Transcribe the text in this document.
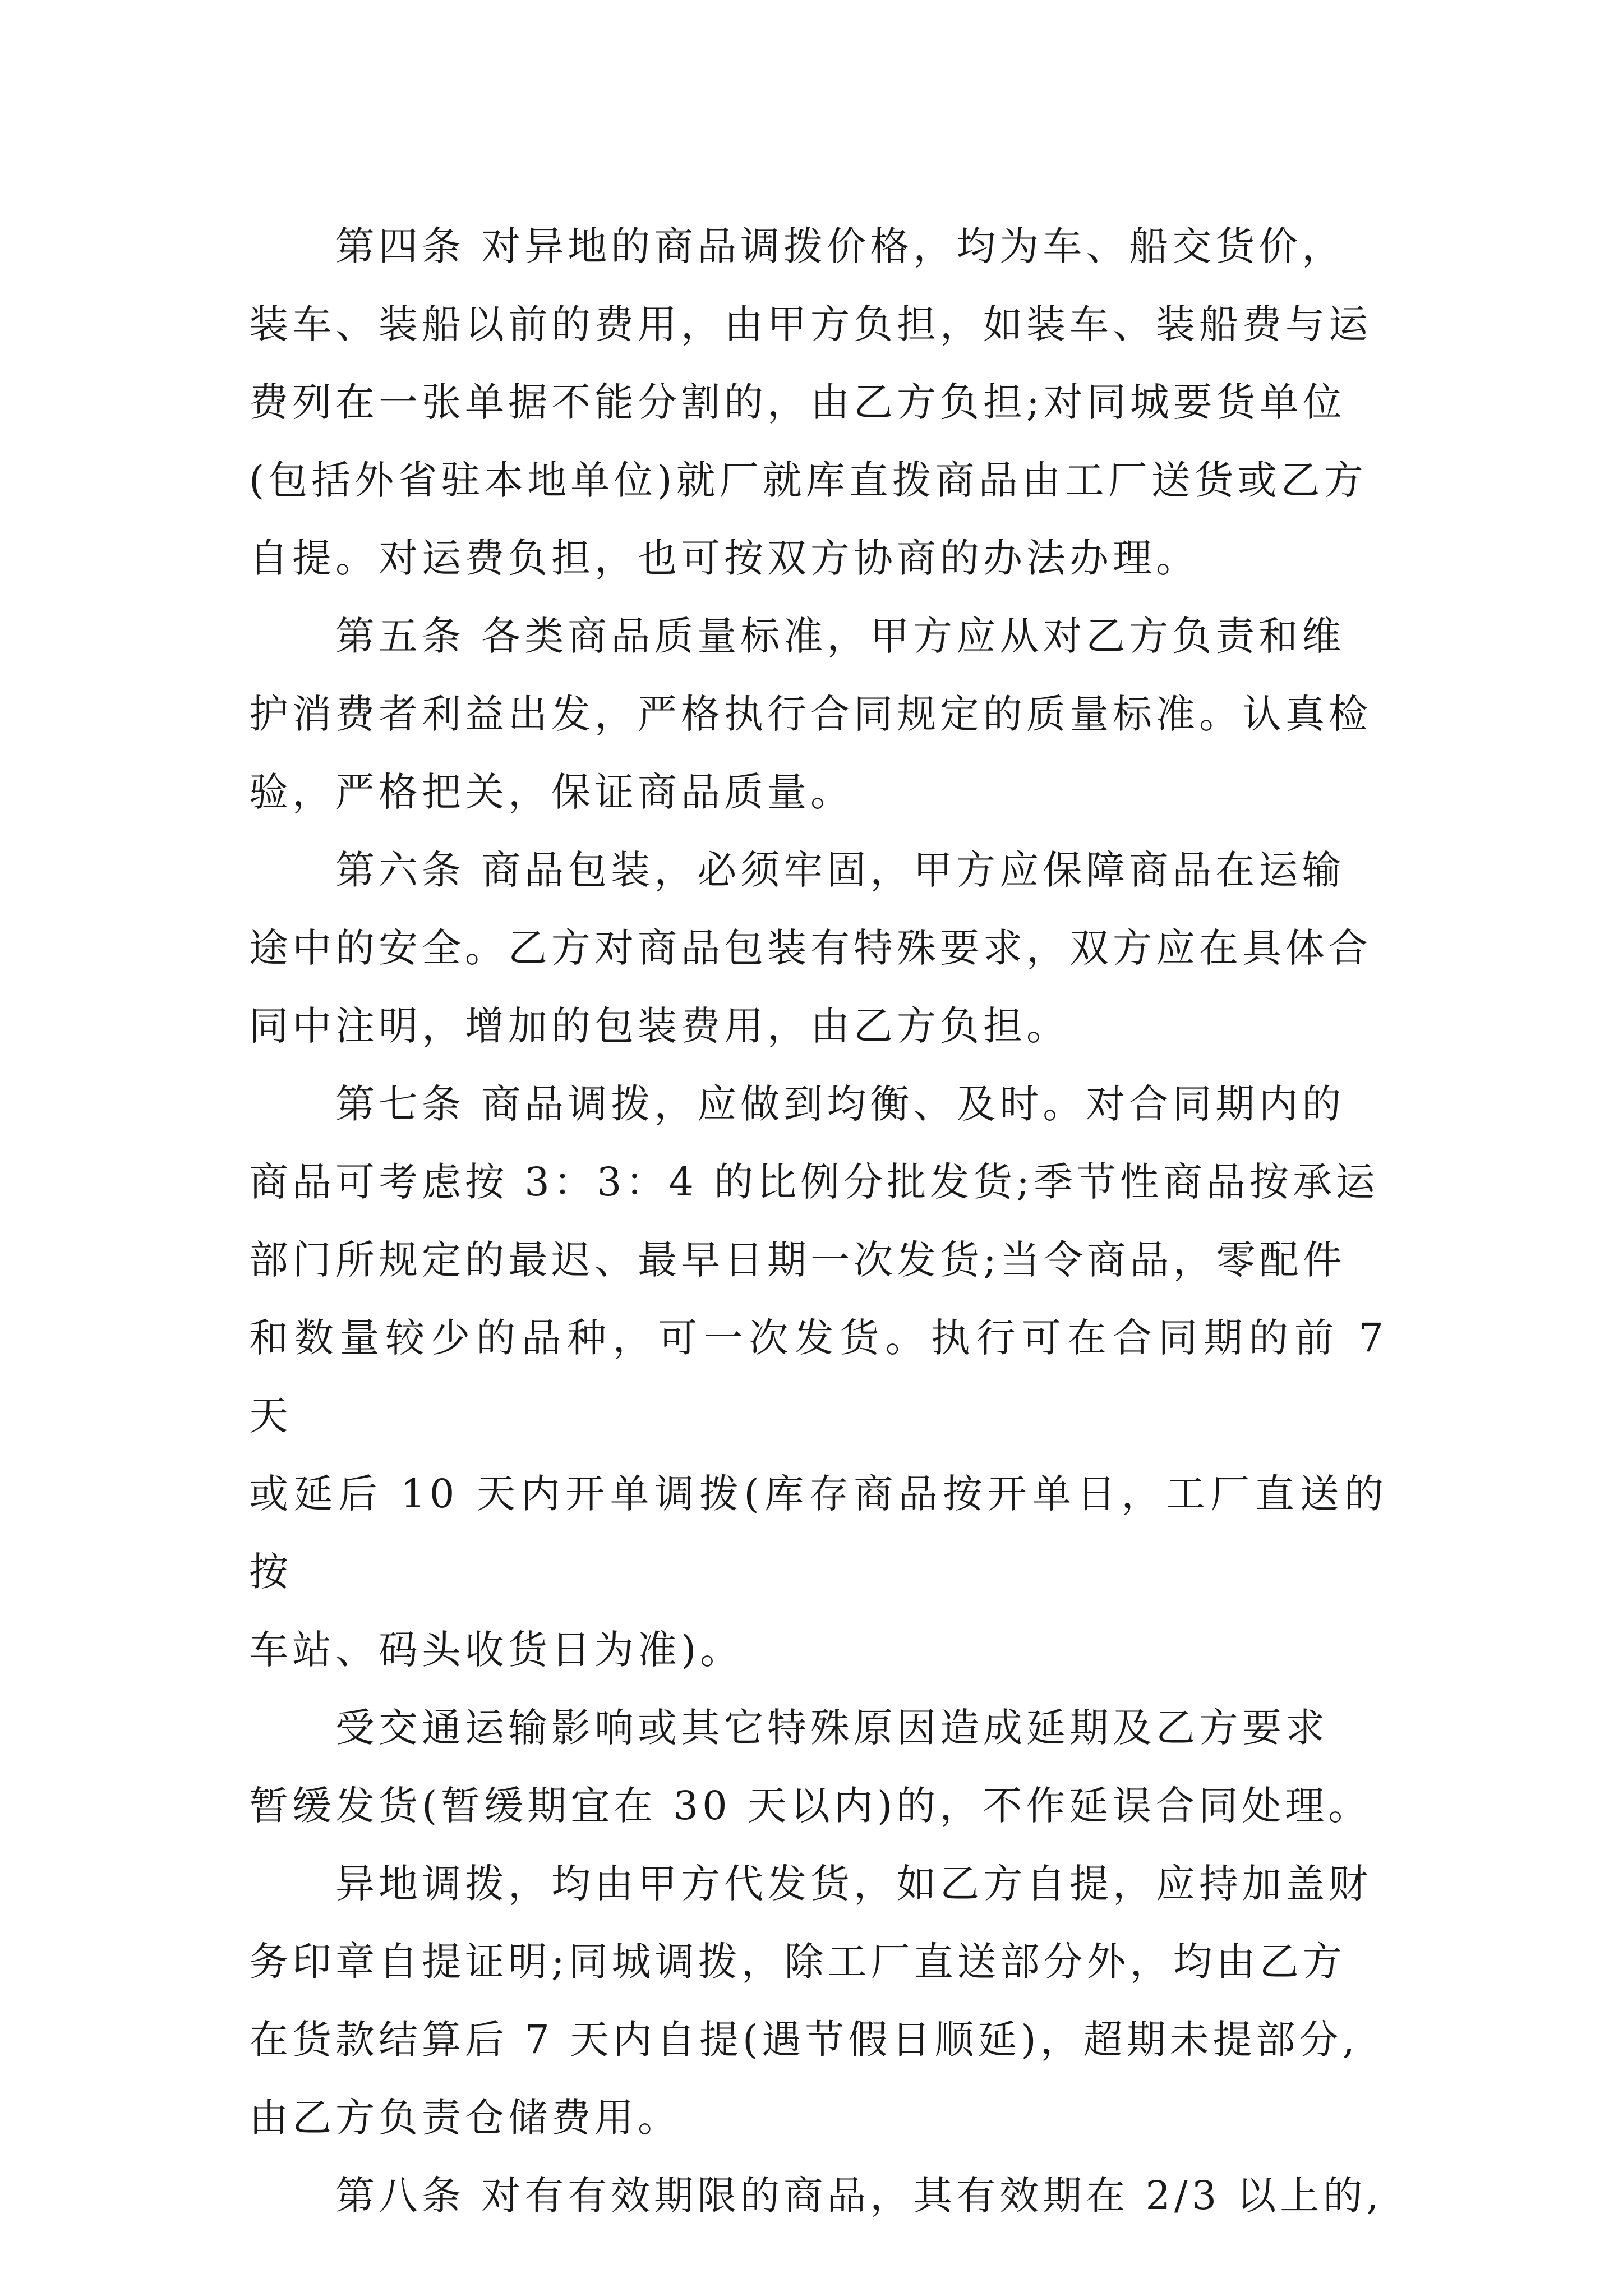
第四条 对异地的商品调拨价格，均为车、船交货价，
装车、装船以前的费用，由甲方负担，如装车、装船费与运
费列在一张单据不能分割的，由乙方负担;对同城要货单位
(包括外省驻本地单位)就厂就库直拨商品由工厂送货或乙方
自提。对运费负担，也可按双方协商的办法办理。

第五条 各类商品质量标准，甲方应从对乙方负责和维
护消费者利益出发，严格执行合同规定的质量标准。认真检
验，严格把关，保证商品质量。

第六条 商品包装，必须牢固，甲方应保障商品在运输
途中的安全。乙方对商品包装有特殊要求，双方应在具体合
同中注明，增加的包装费用，由乙方负担。

第七条 商品调拨，应做到均衡、及时。对合同期内的
商品可考虑按 3：3：4 的比例分批发货;季节性商品按承运
部门所规定的最迟、最早日期一次发货;当令商品，零配件
和数量较少的品种，可一次发货。执行可在合同期的前 7 天
或延后 10 天内开单调拨(库存商品按开单日，工厂直送的按
车站、码头收货日为准)。

受交通运输影响或其它特殊原因造成延期及乙方要求
暂缓发货(暂缓期宜在 30 天以内)的，不作延误合同处理。

异地调拨，均由甲方代发货，如乙方自提，应持加盖财
务印章自提证明;同城调拨，除工厂直送部分外，均由乙方
在货款结算后 7 天内自提(遇节假日顺延)，超期未提部分,
由乙方负责仓储费用。

第八条 对有有效期限的商品，其有效期在 2/3 以上的,
